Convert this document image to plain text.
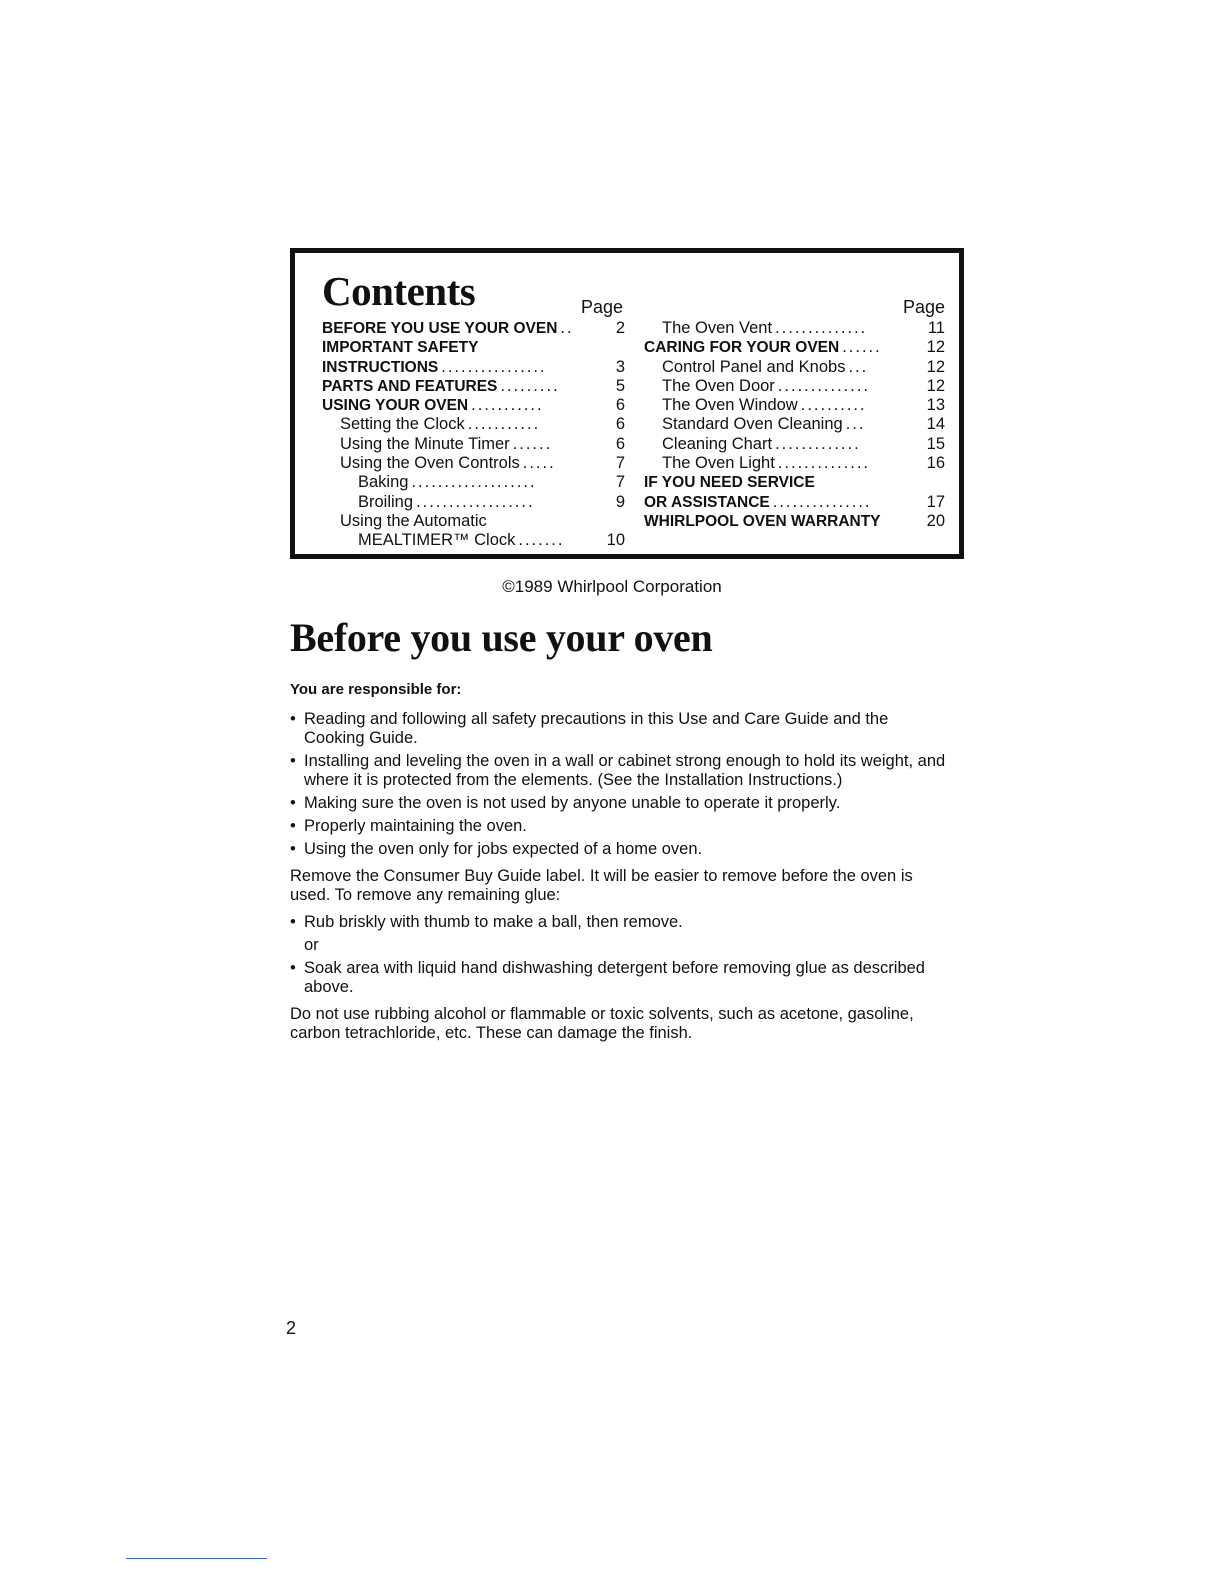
Contents	Page	Page
BEFORE YOU USE YOUR OVEN ..	2
IMPORTANT SAFETY
INSTRUCTIONS ................	3
PARTS AND FEATURES .........	5
USING YOUR OVEN ...........	6
Setting the Clock ...........	6
Using the Minute Timer ......	6
Using the Oven Controls .....	7
Baking ...................	7
Broiling ..................	9
Using the Automatic
MEALTIMER™ Clock .......	10
The Oven Vent ..............	11
CARING FOR YOUR OVEN ......	12
Control Panel and Knobs ...	12
The Oven Door ..............	12
The Oven Window ..........	13
Standard Oven Cleaning ...	14
Cleaning Chart .............	15
The Oven Light ..............	16
IF YOU NEED SERVICE
OR ASSISTANCE ...............	17
WHIRLPOOL OVEN WARRANTY	20
©1989 Whirlpool Corporation
Before you use your oven

You are responsible for:

• Reading and following all safety precautions in this Use and Care Guide and the Cooking Guide.
• Installing and leveling the oven in a wall or cabinet strong enough to hold its weight, and where it is protected from the elements. (See the Installation Instructions.)
• Making sure the oven is not used by anyone unable to operate it properly.
• Properly maintaining the oven.
• Using the oven only for jobs expected of a home oven.

Remove the Consumer Buy Guide label. It will be easier to remove before the oven is used. To remove any remaining glue:

• Rub briskly with thumb to make a ball, then remove.

or

• Soak area with liquid hand dishwashing detergent before removing glue as described above.

Do not use rubbing alcohol or flammable or toxic solvents, such as acetone, gasoline, carbon tetrachloride, etc. These can damage the finish.

2
